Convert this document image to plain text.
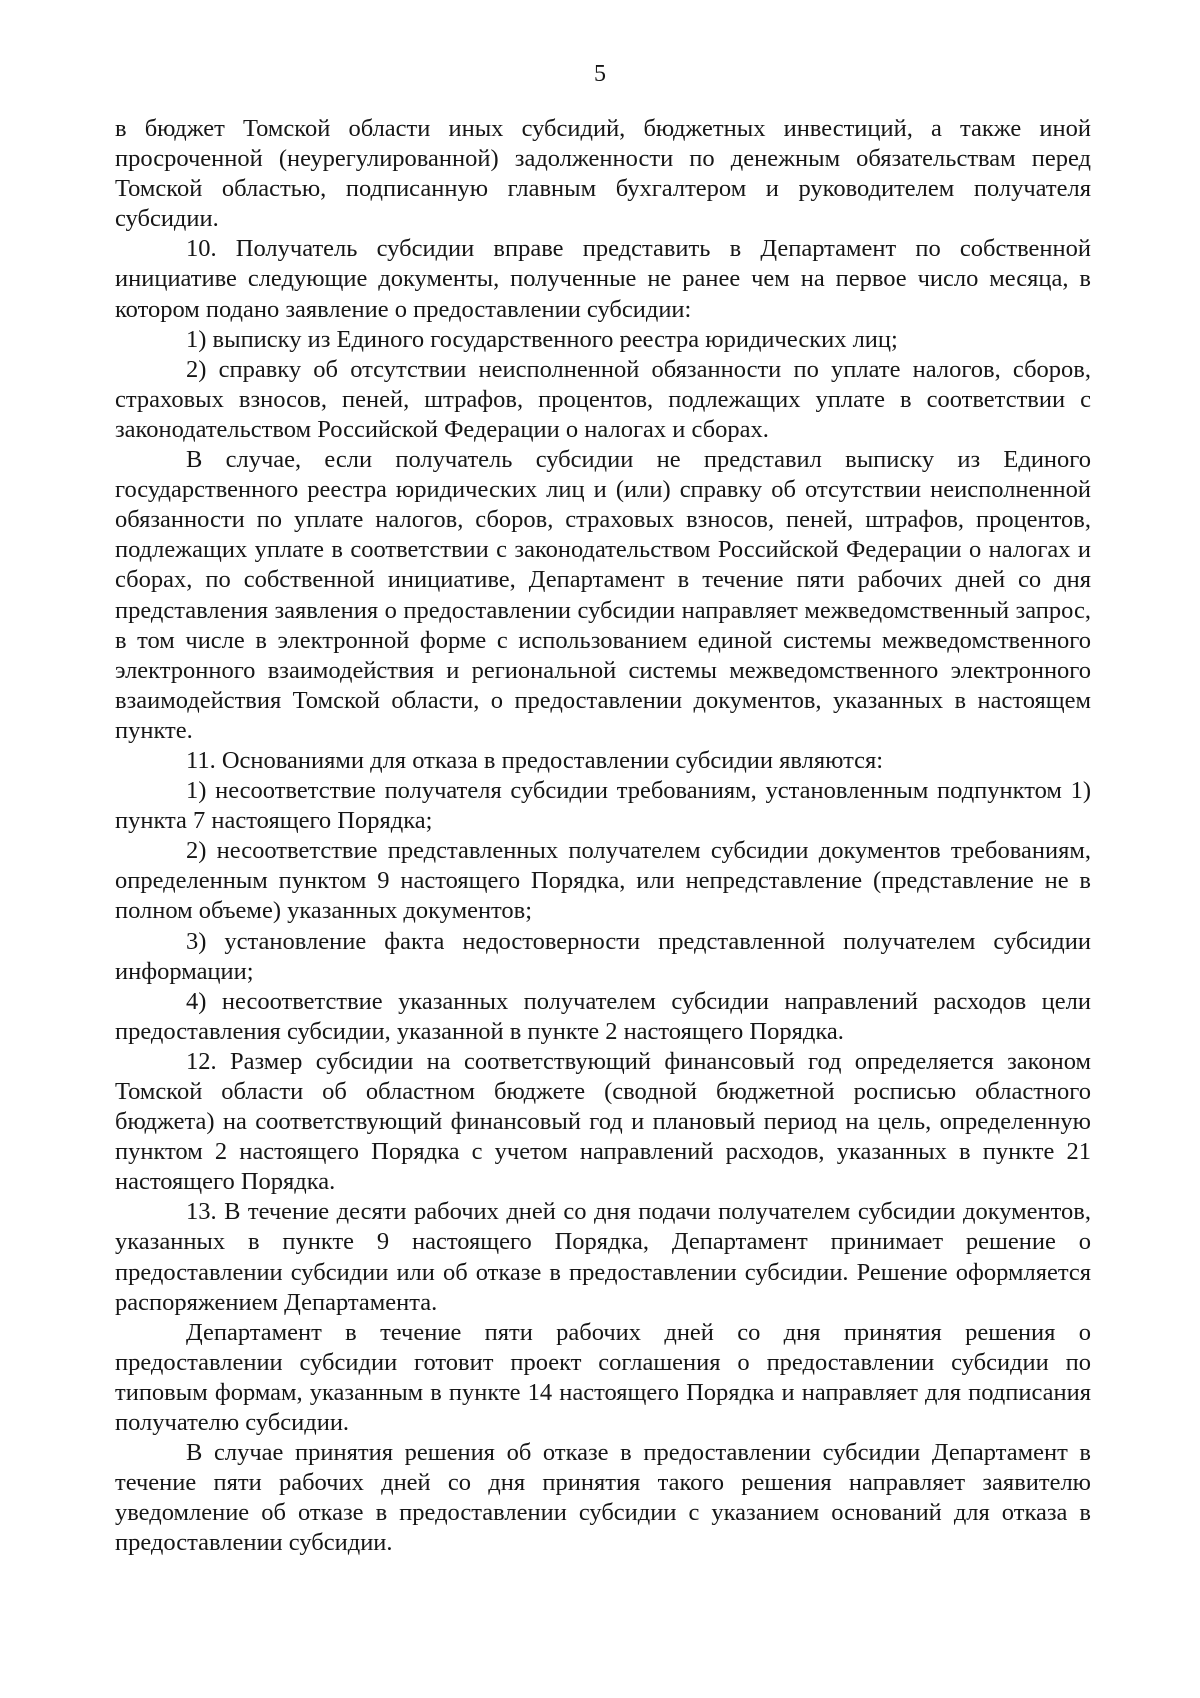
5

в бюджет Томской области иных субсидий, бюджетных инвестиций, а также иной просроченной (неурегулированной) задолженности по денежным обязательствам перед Томской областью, подписанную главным бухгалтером и руководителем получателя субсидии.

10. Получатель субсидии вправе представить в Департамент по собственной инициативе следующие документы, полученные не ранее чем на первое число месяца, в котором подано заявление о предоставлении субсидии:

1) выписку из Единого государственного реестра юридических лиц;

2) справку об отсутствии неисполненной обязанности по уплате налогов, сборов, страховых взносов, пеней, штрафов, процентов, подлежащих уплате в соответствии с законодательством Российской Федерации о налогах и сборах.

В случае, если получатель субсидии не представил выписку из Единого государственного реестра юридических лиц и (или) справку об отсутствии неисполненной обязанности по уплате налогов, сборов, страховых взносов, пеней, штрафов, процентов, подлежащих уплате в соответствии с законодательством Российской Федерации о налогах и сборах, по собственной инициативе, Департамент в течение пяти рабочих дней со дня представления заявления о предоставлении субсидии направляет межведомственный запрос, в том числе в электронной форме с использованием единой системы межведомственного электронного взаимодействия и региональной системы межведомственного электронного взаимодействия Томской области, о предоставлении документов, указанных в настоящем пункте.

11. Основаниями для отказа в предоставлении субсидии являются:

1) несоответствие получателя субсидии требованиям, установленным подпунктом 1) пункта 7 настоящего Порядка;

2) несоответствие представленных получателем субсидии документов требованиям, определенным пунктом 9 настоящего Порядка, или непредставление (представление не в полном объеме) указанных документов;

3) установление факта недостоверности представленной получателем субсидии информации;

4) несоответствие указанных получателем субсидии направлений расходов цели предоставления субсидии, указанной в пункте 2 настоящего Порядка.

12. Размер субсидии на соответствующий финансовый год определяется законом Томской области об областном бюджете (сводной бюджетной росписью областного бюджета) на соответствующий финансовый год и плановый период на цель, определенную пунктом 2 настоящего Порядка с учетом направлений расходов, указанных в пункте 21 настоящего Порядка.

13. В течение десяти рабочих дней со дня подачи получателем субсидии документов, указанных в пункте 9 настоящего Порядка, Департамент принимает решение о предоставлении субсидии или об отказе в предоставлении субсидии. Решение оформляется распоряжением Департамента.

Департамент в течение пяти рабочих дней со дня принятия решения о предоставлении субсидии готовит проект соглашения о предоставлении субсидии по типовым формам, указанным в пункте 14 настоящего Порядка и направляет для подписания получателю субсидии.

В случае принятия решения об отказе в предоставлении субсидии Департамент в течение пяти рабочих дней со дня принятия такого решения направляет заявителю уведомление об отказе в предоставлении субсидии с указанием оснований для отказа в предоставлении субсидии.
